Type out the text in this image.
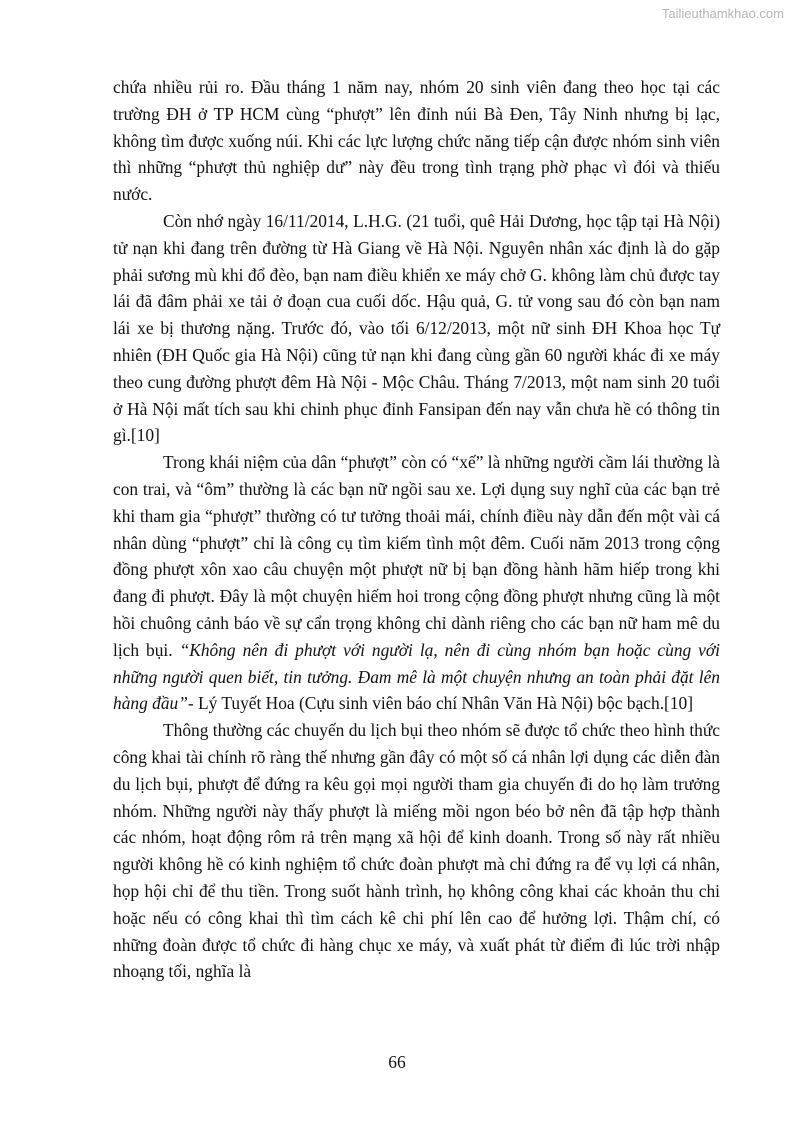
Tailieuthamkhao.com

chứa nhiều rủi ro. Đầu tháng 1 năm nay, nhóm 20 sinh viên đang theo học tại các trường ĐH ở TP HCM cùng “phượt” lên đỉnh núi Bà Đen, Tây Ninh nhưng bị lạc, không tìm được xuống núi. Khi các lực lượng chức năng tiếp cận được nhóm sinh viên thì những “phượt thủ nghiệp dư” này đều trong tình trạng phờ phạc vì đói và thiếu nước.

Còn nhớ ngày 16/11/2014, L.H.G. (21 tuổi, quê Hải Dương, học tập tại Hà Nội) tử nạn khi đang trên đường từ Hà Giang về Hà Nội. Nguyên nhân xác định là do gặp phải sương mù khi đổ đèo, bạn nam điều khiển xe máy chở G. không làm chủ được tay lái đã đâm phải xe tải ở đoạn cua cuối dốc. Hậu quả, G. tử vong sau đó còn bạn nam lái xe bị thương nặng. Trước đó, vào tối 6/12/2013, một nữ sinh ĐH Khoa học Tự nhiên (ĐH Quốc gia Hà Nội) cũng tử nạn khi đang cùng gần 60 người khác đi xe máy theo cung đường phượt đêm Hà Nội - Mộc Châu. Tháng 7/2013, một nam sinh 20 tuổi ở Hà Nội mất tích sau khi chinh phục đỉnh Fansipan đến nay vẫn chưa hề có thông tin gì.[10]

Trong khái niệm của dân “phượt” còn có “xế” là những người cầm lái thường là con trai, và “ôm” thường là các bạn nữ ngồi sau xe. Lợi dụng suy nghĩ của các bạn trẻ khi tham gia “phượt” thường có tư tưởng thoải mái, chính điều này dẫn đến một vài cá nhân dùng “phượt” chỉ là công cụ tìm kiếm tình một đêm. Cuối năm 2013 trong cộng đồng phượt xôn xao câu chuyện một phượt nữ bị bạn đồng hành hãm hiếp trong khi đang đi phượt. Đây là một chuyện hiếm hoi trong cộng đồng phượt nhưng cũng là một hồi chuông cảnh báo về sự cẩn trọng không chỉ dành riêng cho các bạn nữ ham mê du lịch bụi. “Không nên đi phượt với người lạ, nên đi cùng nhóm bạn hoặc cùng với những người quen biết, tin tưởng. Đam mê là một chuyện nhưng an toàn phải đặt lên hàng đầu”- Lý Tuyết Hoa (Cựu sinh viên báo chí Nhân Văn Hà Nội) bộc bạch.[10]

Thông thường các chuyến du lịch bụi theo nhóm sẽ được tổ chức theo hình thức công khai tài chính rõ ràng thế nhưng gần đây có một số cá nhân lợi dụng các diễn đàn du lịch bụi, phượt để đứng ra kêu gọi mọi người tham gia chuyến đi do họ làm trưởng nhóm. Những người này thấy phượt là miếng mồi ngon béo bở nên đã tập hợp thành các nhóm, hoạt động rôm rả trên mạng xã hội để kinh doanh. Trong số này rất nhiều người không hề có kinh nghiệm tổ chức đoàn phượt mà chỉ đứng ra để vụ lợi cá nhân, họp hội chỉ để thu tiền. Trong suốt hành trình, họ không công khai các khoản thu chi hoặc nếu có công khai thì tìm cách kê chi phí lên cao để hưởng lợi. Thậm chí, có những đoàn được tổ chức đi hàng chục xe máy, và xuất phát từ điểm đi lúc trời nhập nhoạng tối, nghĩa là

66
